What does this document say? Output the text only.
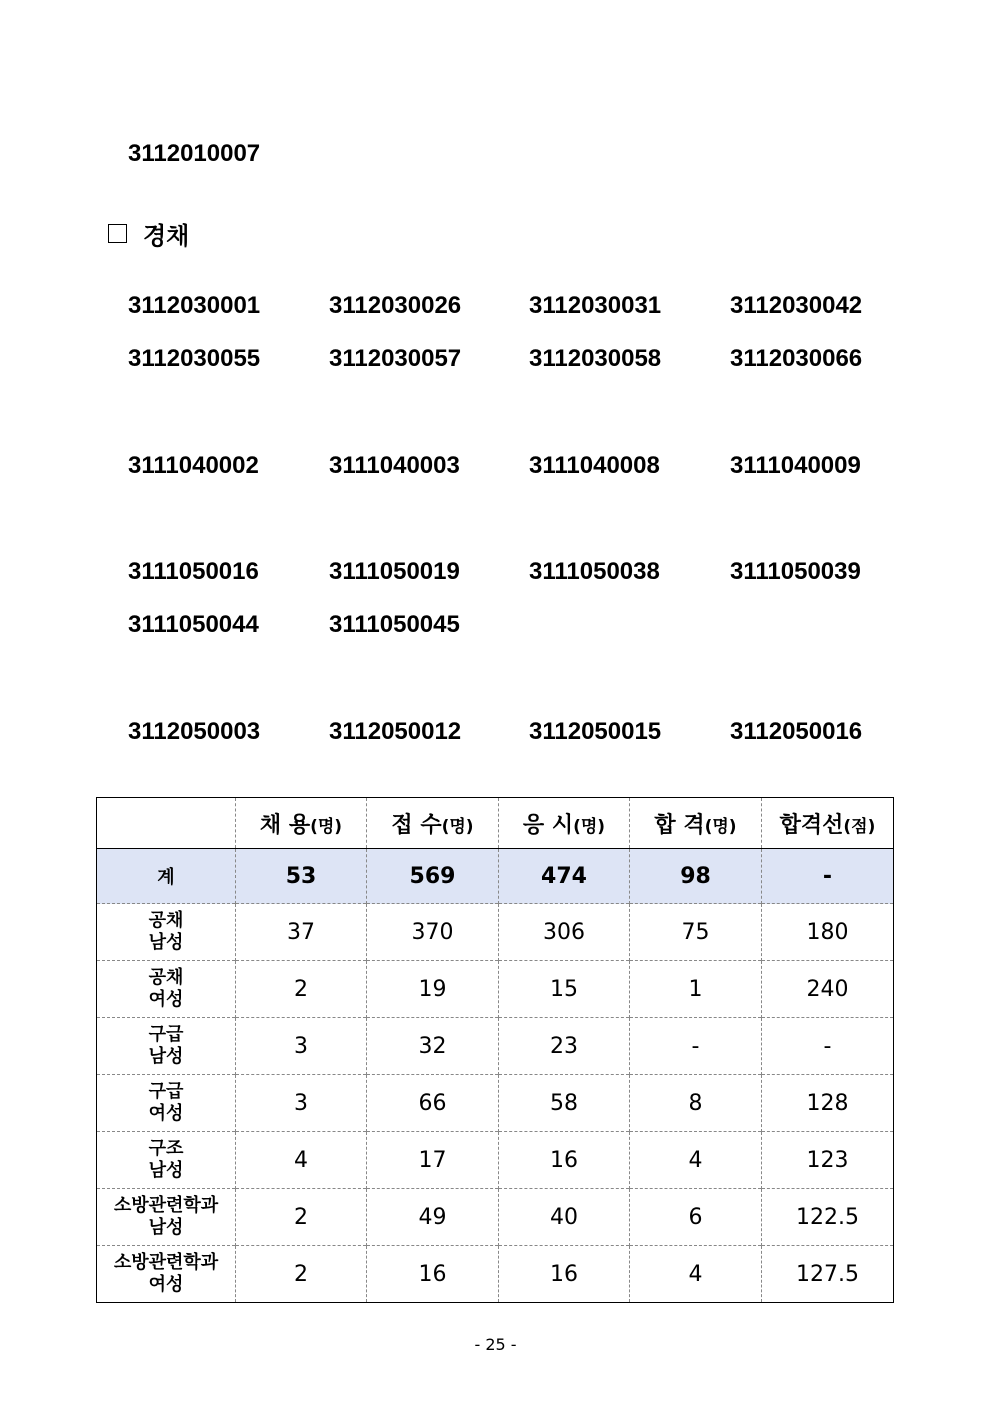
3112010007
경채
3112030001	3112030026	3112030031	3112030042
3112030055	3112030057	3112030058	3112030066
3111040002	3111040003	3111040008	3111040009
3111050016	3111050019	3111050038	3111050039
3111050044	3111050045
3112050003	3112050012	3112050015	3112050016
광 주	채 용(명)	접 수(명)	응 시(명)	합 격(명)	합격선(점)
계	53	569	474	98	-

공채
남성	37	370	306	75	180

공채
여성	2	19	15	1	240

구급
남성	3	32	23	-	-

구급
여성	3	66	58	8	128

구조
남성	4	17	16	4	123

소방관련학과
남성	2	49	40	6	122.5

소방관련학과
여성	2	16	16	4	127.5
- 25 -
